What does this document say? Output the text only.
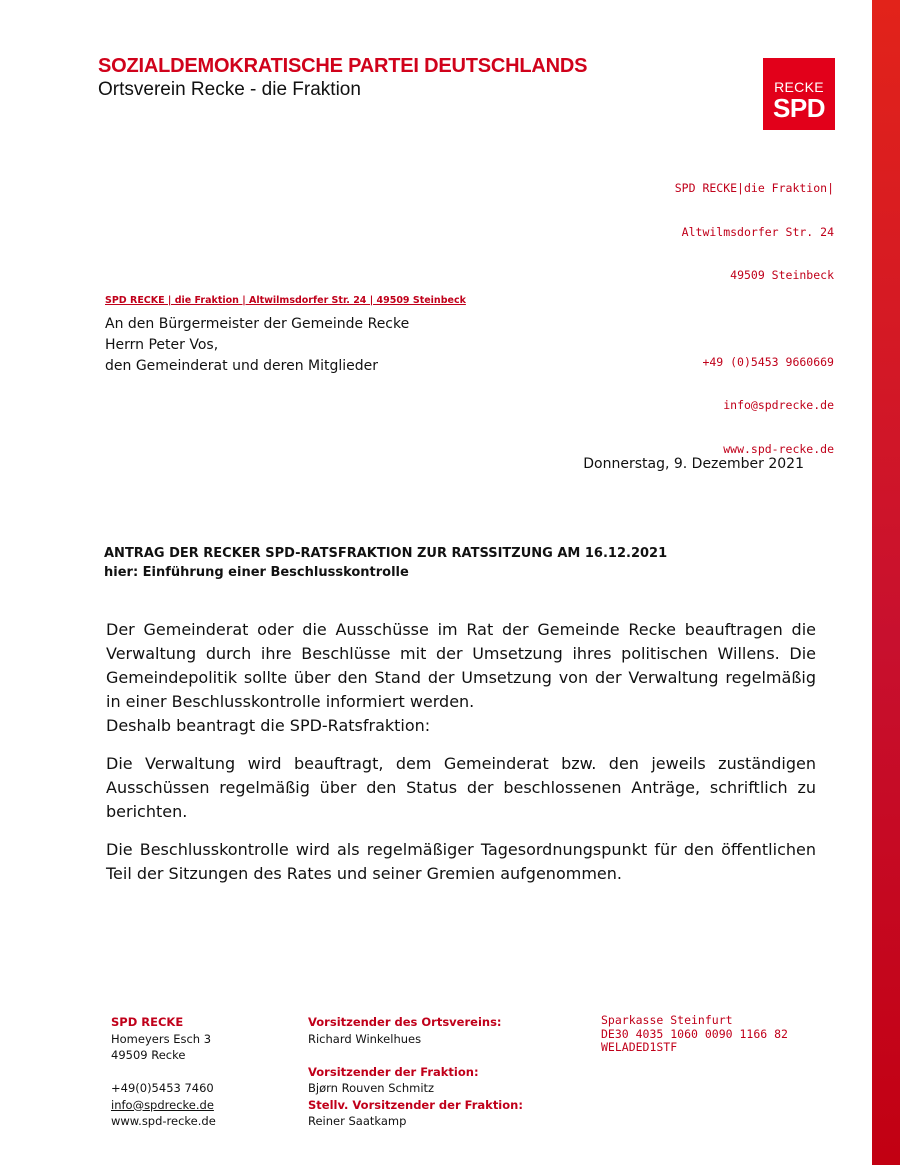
SOZIALDEMOKRATISCHE PARTEI DEUTSCHLANDS
Ortsverein Recke - die Fraktion	RECKE
SPD

SPD RECKE|die Fraktion|

Altwilmsdorfer Str. 24

49509 Steinbeck

+49 (0)5453 9660669

info@spdrecke.de

www.spd-recke.de

SPD RECKE | die Fraktion | Altwilmsdorfer Str. 24 | 49509 Steinbeck
An den Bürgermeister der Gemeinde Recke
Herrn Peter Vos,
den Gemeinderat und deren Mitglieder
Donnerstag, 9. Dezember 2021
ANTRAG DER RECKER SPD-RATSFRAKTION ZUR RATSSITZUNG AM 16.12.2021
hier: Einführung einer Beschlusskontrolle

Der Gemeinderat oder die Ausschüsse im Rat der Gemeinde Recke beauftragen die Verwaltung durch ihre Beschlüsse mit der Umsetzung ihres politischen Willens. Die Gemeindepolitik sollte über den Stand der Umsetzung von der Verwaltung regelmäßig in einer Beschlusskontrolle informiert werden.

Deshalb beantragt die SPD-Ratsfraktion:

Die Verwaltung wird beauftragt, dem Gemeinderat bzw. den jeweils zuständigen Ausschüssen regelmäßig über den Status der beschlossenen Anträge, schriftlich zu berichten.

Die Beschlusskontrolle wird als regelmäßiger Tagesordnungspunkt für den öffentlichen Teil der Sitzungen des Rates und seiner Gremien aufgenommen.

SPD RECKE
Homeyers Esch 3
49509 Recke
+49(0)5453 7460
info@spdrecke.de
www.spd-recke.de
Vorsitzender des Ortsvereins:
Richard Winkelhues
Vorsitzender der Fraktion:
Bjørn Rouven Schmitz
Stellv. Vorsitzender der Fraktion:
Reiner Saatkamp
Sparkasse Steinfurt
DE30 4035 1060 0090 1166 82
WELADED1STF
